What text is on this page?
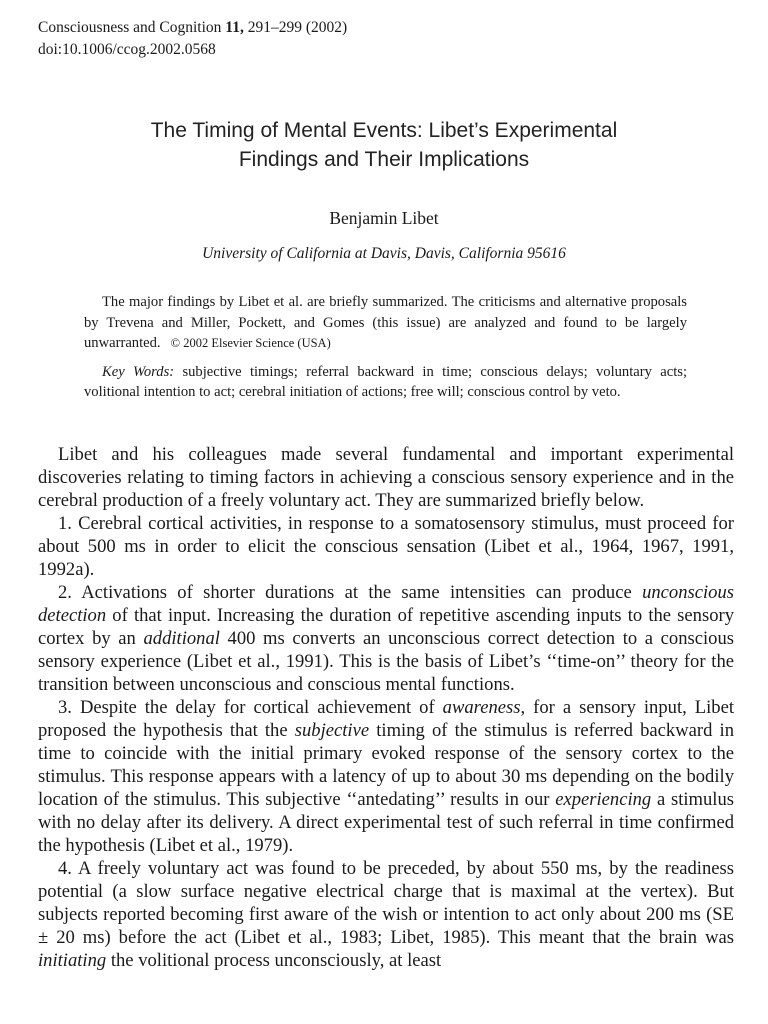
Consciousness and Cognition 11, 291–299 (2002)
doi:10.1006/ccog.2002.0568
The Timing of Mental Events: Libet’s Experimental
Findings and Their Implications
Benjamin Libet
University of California at Davis, Davis, California 95616

The major findings by Libet et al. are briefly summarized. The criticisms and alternative proposals by Trevena and Miller, Pockett, and Gomes (this issue) are analyzed and found to be largely unwarranted. © 2002 Elsevier Science (USA)

Key Words: subjective timings; referral backward in time; conscious delays; voluntary acts; volitional intention to act; cerebral initiation of actions; free will; conscious control by veto.

Libet and his colleagues made several fundamental and important experimental discoveries relating to timing factors in achieving a conscious sensory experience and in the cerebral production of a freely voluntary act. They are summarized briefly below.

1. Cerebral cortical activities, in response to a somatosensory stimulus, must proceed for about 500 ms in order to elicit the conscious sensation (Libet et al., 1964, 1967, 1991, 1992a).

2. Activations of shorter durations at the same intensities can produce unconscious detection of that input. Increasing the duration of repetitive ascending inputs to the sensory cortex by an additional 400 ms converts an unconscious correct detection to a conscious sensory experience (Libet et al., 1991). This is the basis of Libet’s ‘‘time-on’’ theory for the transition between unconscious and conscious mental functions.

3. Despite the delay for cortical achievement of awareness, for a sensory input, Libet proposed the hypothesis that the subjective timing of the stimulus is referred backward in time to coincide with the initial primary evoked response of the sensory cortex to the stimulus. This response appears with a latency of up to about 30 ms depending on the bodily location of the stimulus. This subjective ‘‘antedating’’ results in our experiencing a stimulus with no delay after its delivery. A direct experimental test of such referral in time confirmed the hypothesis (Libet et al., 1979).

4. A freely voluntary act was found to be preceded, by about 550 ms, by the readiness potential (a slow surface negative electrical charge that is maximal at the vertex). But subjects reported becoming first aware of the wish or intention to act only about 200 ms (SE ± 20 ms) before the act (Libet et al., 1983; Libet, 1985). This meant that the brain was initiating the volitional process unconsciously, at least
